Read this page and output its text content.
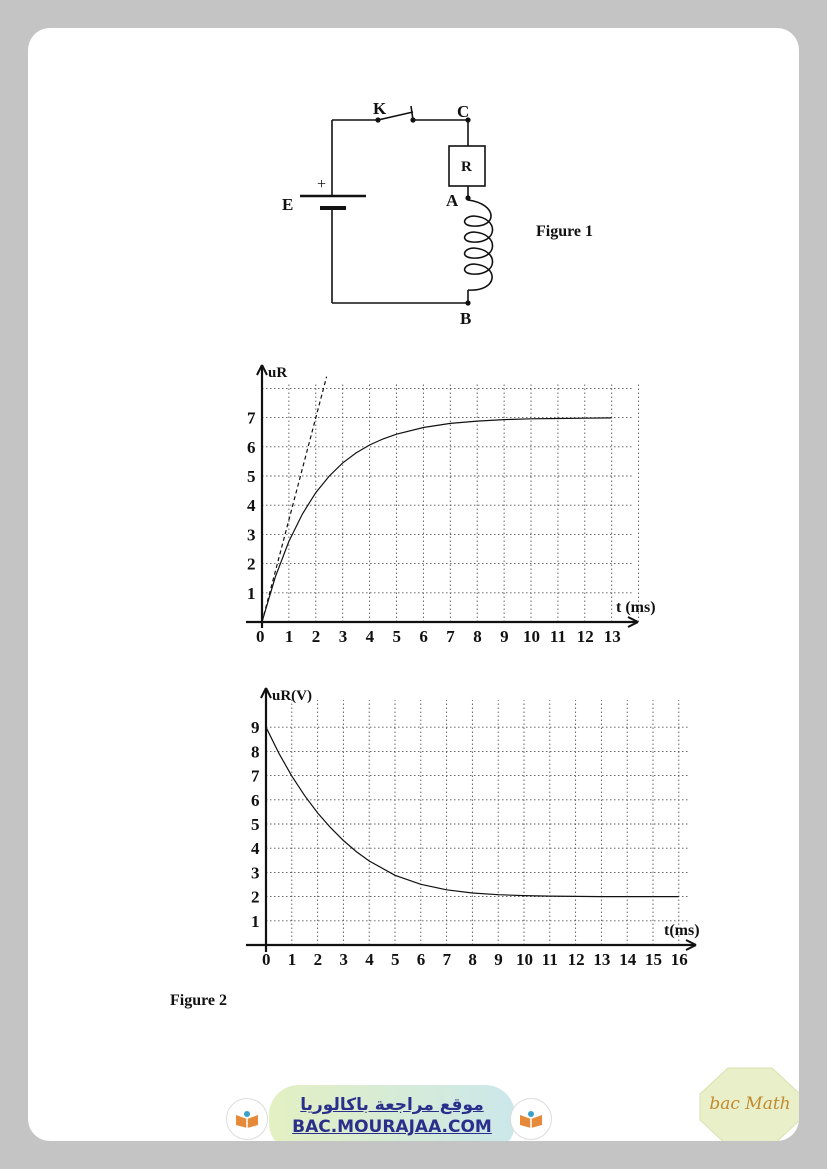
K	C
R
+
E	A
B
Figure 1
0 1 2 3 4 5 6 7 8 9 10 11 12 13
1
2
3
4
5
6
7
uR
t (ms)
0 1 2 3 4 5 6 7 8 9 10 11 12 13 14 15 16
1
2
3
4
5
6
7
8
9
uR(V)
t(ms)
Figure 2
موقع مراجعة باكالوريا
BAC.MOURAJAA.COM
bac Math
